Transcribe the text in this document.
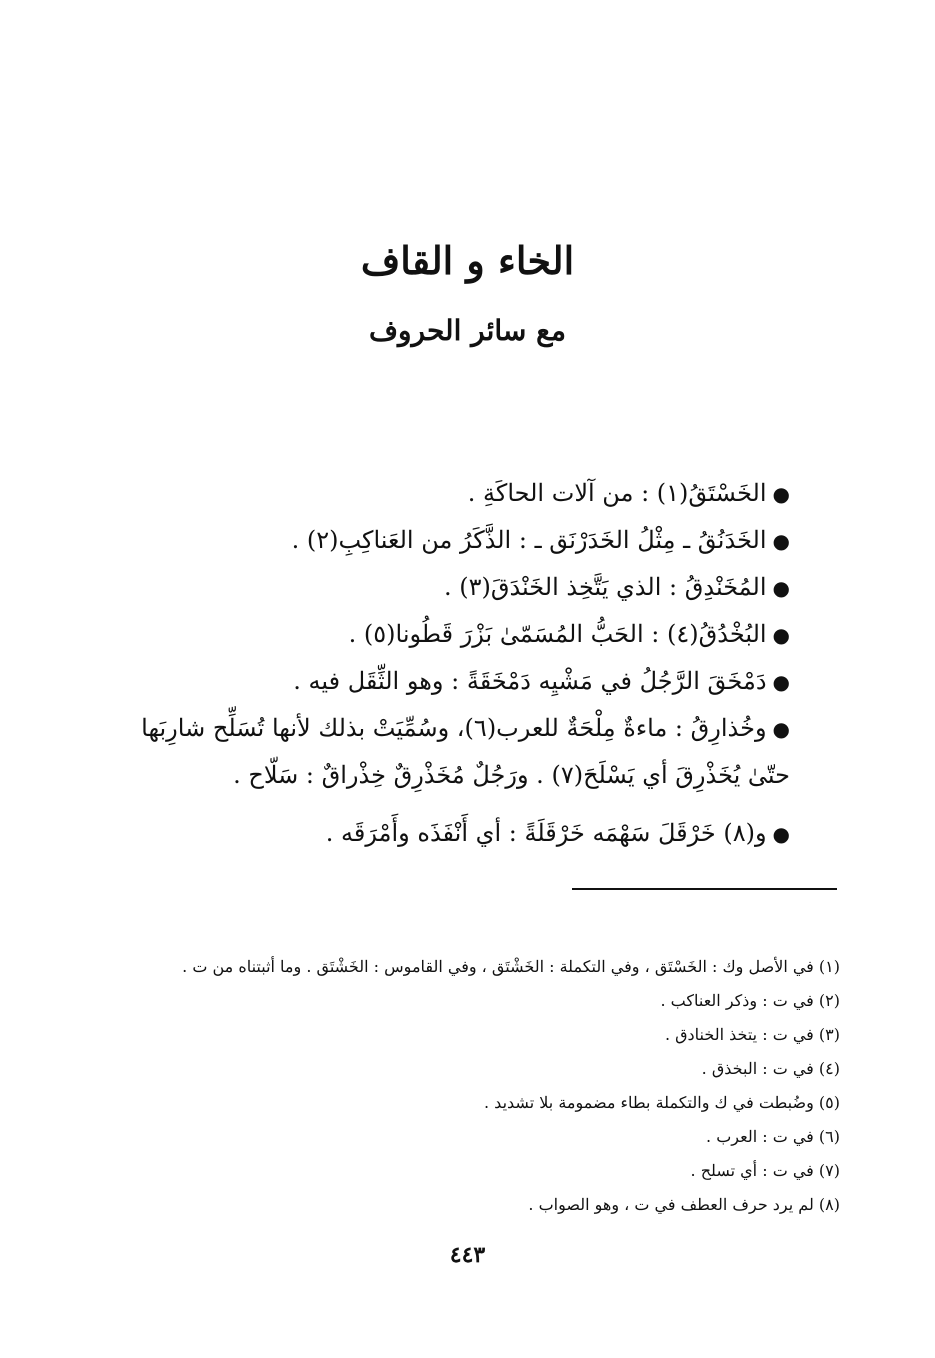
الخاء و القاف
مع سائر الحروف

●الخَسْتَقُ(١) : من آلات الحاكَةِ .

●الخَدَنُقُ ـ مِثْلُ الخَدَرْنَق ـ : الذَّكَرُ من العَناكِبِ(٢) .

●المُخَنْدِقُ : الذي يَتَّخِذ الخَنْدَقَ(٣) .

●البُخْدُقُ(٤) : الحَبُّ المُسَمّىٰ بَزْرَ قَطُونا(٥) .

●دَمْخَقَ الرَّجُلُ في مَشْيِه دَمْخَقَةً : وهو الثِّقَل فيه .

●وخُذارِقُ : ماءةٌ مِلْحَةٌ للعرب(٦)، وسُمِّيَتْ بذلك لأنها تُسَلِّح شارِبَها حتّىٰ يُخَذْرِقَ أي يَسْلَحَ(٧) . ورَجُلٌ مُخَذْرِقٌ خِذْراقٌ : سَلّاح .

●و(٨) خَرْقَلَ سَهْمَه خَرْقَلَةً : أي أَنْفَذَه وأَمْرَقَه .

(١) في الأصل وك : الخَسْتَق ، وفي التكملة : الخَشْتَق ، وفي القاموس : الخَشْتَق . وما أثبتناه من ت .

(٢) في ت : وذكر العناكب .

(٣) في ت : يتخذ الخنادق .

(٤) في ت : البخذق .

(٥) وضُبطت في ك والتكملة بطاء مضمومة بلا تشديد .

(٦) في ت : العرب .

(٧) في ت : أي تسلح .

(٨) لم يرد حرف العطف في ت ، وهو الصواب .

٤٤٣
